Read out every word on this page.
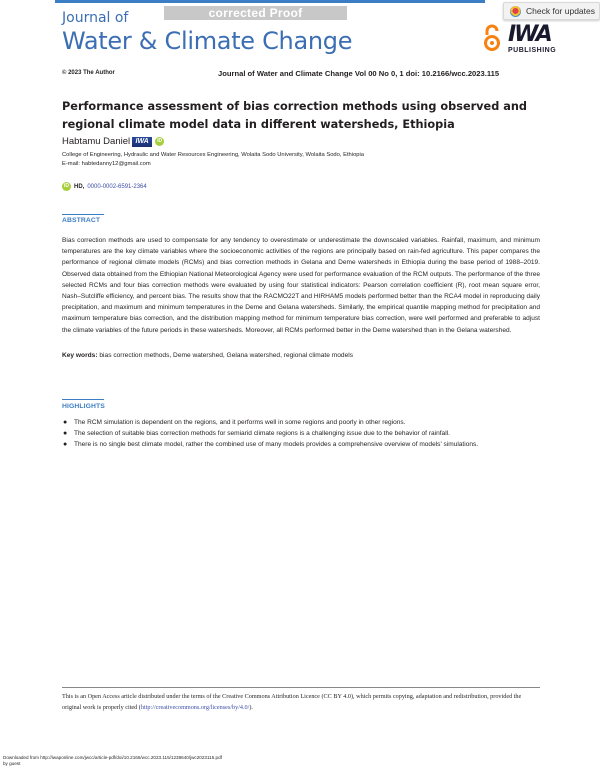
corrected Proof	Check for updates
Journal of
Water & Climate Change	IWA
PUBLISHING
© 2023 The Author	Journal of Water and Climate Change Vol 00 No 0, 1 doi: 10.2166/wcc.2023.115
Performance assessment of bias correction methods using observed and regional climate model data in different watersheds, Ethiopia
Habtamu Daniel IWA	iD
College of Engineering, Hydraulic and Water Resources Engineering, Wolaita Sodo University, Wolaita Sodo, Ethiopia
E-mail: habtedanny12@gmail.com
iD HD, 0000-0002-6591-2364
ABSTRACT
Bias correction methods are used to compensate for any tendency to overestimate or underestimate the downscaled variables. Rainfall, maximum, and minimum temperatures are the key climate variables where the socioeconomic activities of the regions are principally based on rain-fed agriculture. This paper compares the performance of regional climate models (RCMs) and bias correction methods in Gelana and Deme watersheds in Ethiopia during the base period of 1988–2019. Observed data obtained from the Ethiopian National Meteorological Agency were used for performance evaluation of the RCM outputs. The performance of the three selected RCMs and four bias correction methods were evaluated by using four statistical indicators: Pearson correlation coefficient (R), root mean square error, Nash–Sutcliffe efficiency, and percent bias. The results show that the RACMO22T and HIRHAM5 models performed better than the RCA4 model in reproducing daily precipitation, and maximum and minimum temperatures in the Deme and Gelana watersheds. Similarly, the empirical quantile mapping method for precipitation and maximum temperature bias correction, and the distribution mapping method for minimum temperature bias correction, were well performed and preferable to adjust the climate variables of the future periods in these watersheds. Moreover, all RCMs performed better in the Deme watershed than in the Gelana watershed.
Key words: bias correction methods, Deme watershed, Gelana watershed, regional climate models
HIGHLIGHTS
● The RCM simulation is dependent on the regions, and it performs well in some regions and poorly in other regions.
● The selection of suitable bias correction methods for semiarid climate regions is a challenging issue due to the behavior of rainfall.
● There is no single best climate model, rather the combined use of many models provides a comprehensive overview of models' simulations.
This is an Open Access article distributed under the terms of the Creative Commons Attribution Licence (CC BY 4.0), which permits copying, adaptation and redistribution, provided the original work is properly cited (http://creativecommons.org/licenses/by/4.0/).
Downloaded from http://iwaponline.com/jwcc/article-pdf/doi/10.2166/wcc.2023.115/1238640/jwc2023115.pdf
by guest
